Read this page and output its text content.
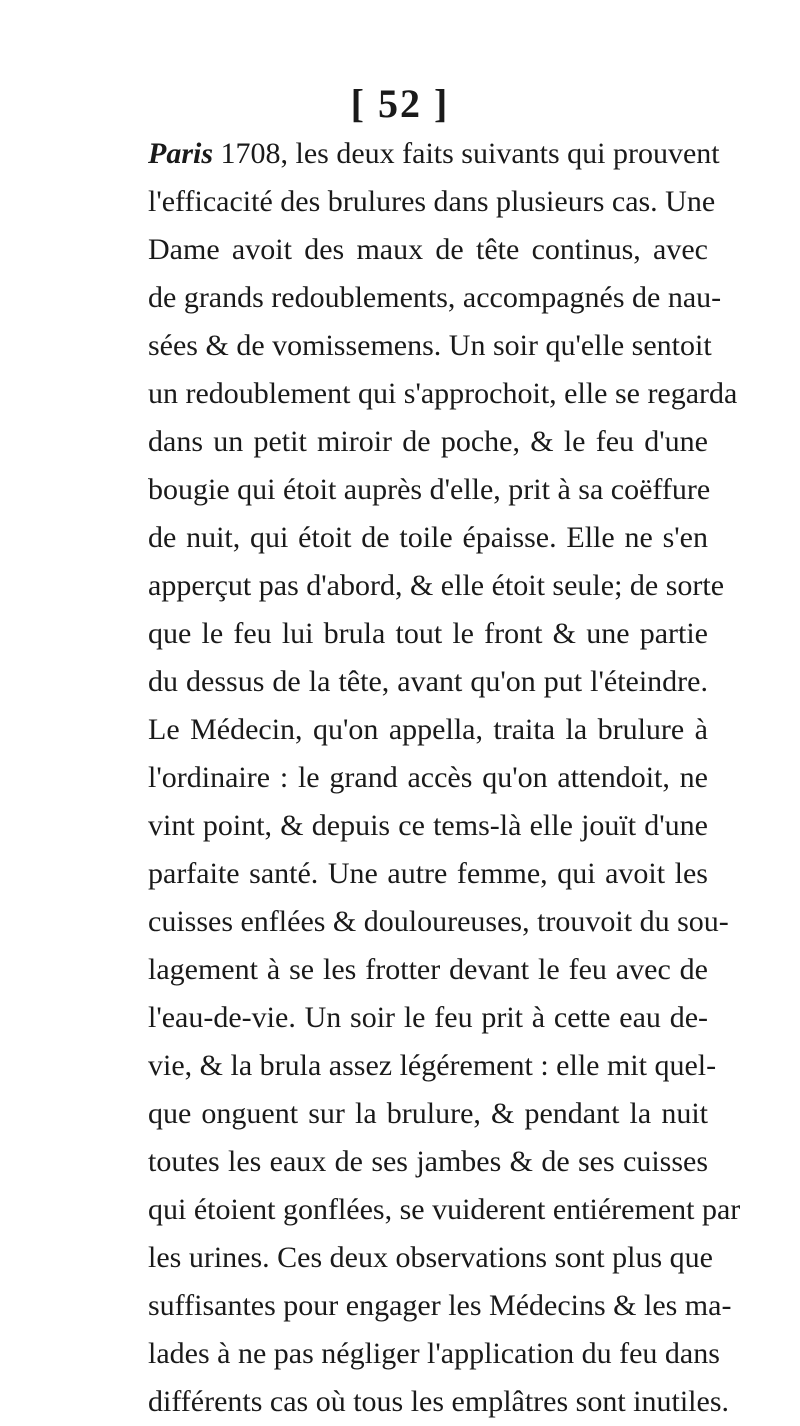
[ 52 ]
Paris 1708, les deux faits suivants qui prouvent
l'efficacité des brulures dans plusieurs cas. Une
Dame avoit des maux de tête continus, avec
de grands redoublements, accompagnés de nau-
sées & de vomissemens. Un soir qu'elle sentoit
un redoublement qui s'approchoit, elle se regarda
dans un petit miroir de poche, & le feu d'une
bougie qui étoit auprès d'elle, prit à sa coëffure
de nuit, qui étoit de toile épaisse. Elle ne s'en
apperçut pas d'abord, & elle étoit seule; de sorte
que le feu lui brula tout le front & une partie
du dessus de la tête, avant qu'on put l'éteindre.
Le Médecin, qu'on appella, traita la brulure à
l'ordinaire : le grand accès qu'on attendoit, ne
vint point, & depuis ce tems-là elle jouït d'une
parfaite santé. Une autre femme, qui avoit les
cuisses enflées & douloureuses, trouvoit du sou-
lagement à se les frotter devant le feu avec de
l'eau-de-vie. Un soir le feu prit à cette eau de-
vie, & la brula assez légérement : elle mit quel-
que onguent sur la brulure, & pendant la nuit
toutes les eaux de ses jambes & de ses cuisses
qui étoient gonflées, se vuiderent entiérement par
les urines. Ces deux observations sont plus que
suffisantes pour engager les Médecins & les ma-
lades à ne pas négliger l'application du feu dans
différents cas où tous les emplâtres sont inutiles.
